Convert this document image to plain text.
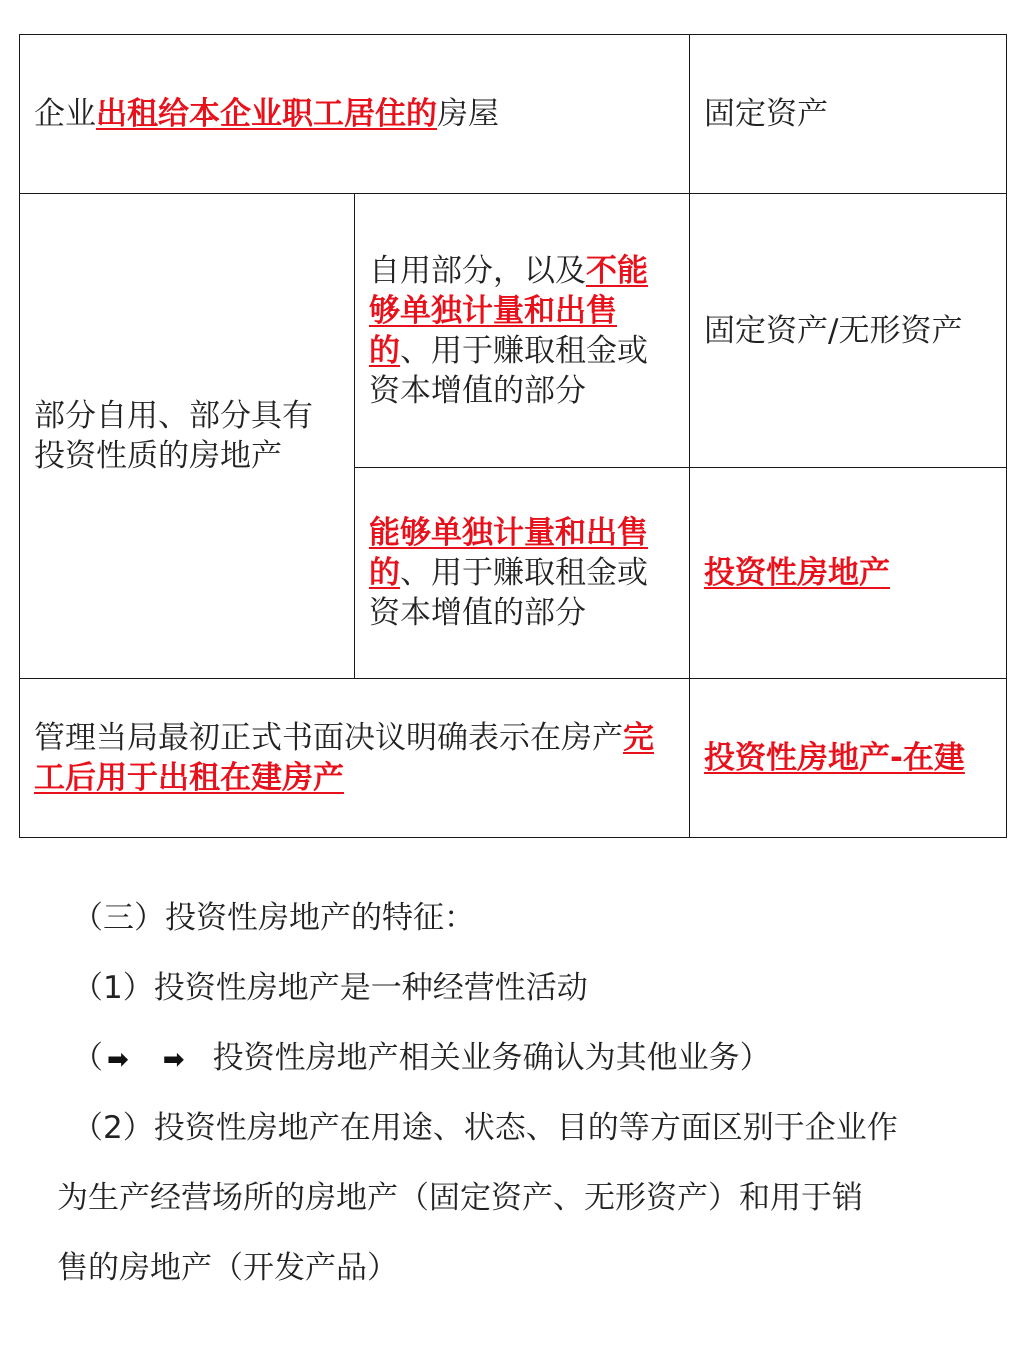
企业出租给本企业职工居住的房屋		固定资产
部分自用、部分具有投资性质的房地产	自用部分，以及不能够单独计量和出售的、用于赚取租金或资本增值的部分	固定资产/无形资产
	能够单独计量和出售的、用于赚取租金或资本增值的部分	投资性房地产
管理当局最初正式书面决议明确表示在房产完工后用于出租在建房产		投资性房地产-在建
（三）投资性房地产的特征：
（1）投资性房地产是一种经营性活动
（ ➡ ➡ 投资性房地产相关业务确认为其他业务）
（2）投资性房地产在用途、状态、目的等方面区别于企业作
为生产经营场所的房地产（固定资产、无形资产）和用于销
售的房地产（开发产品）
